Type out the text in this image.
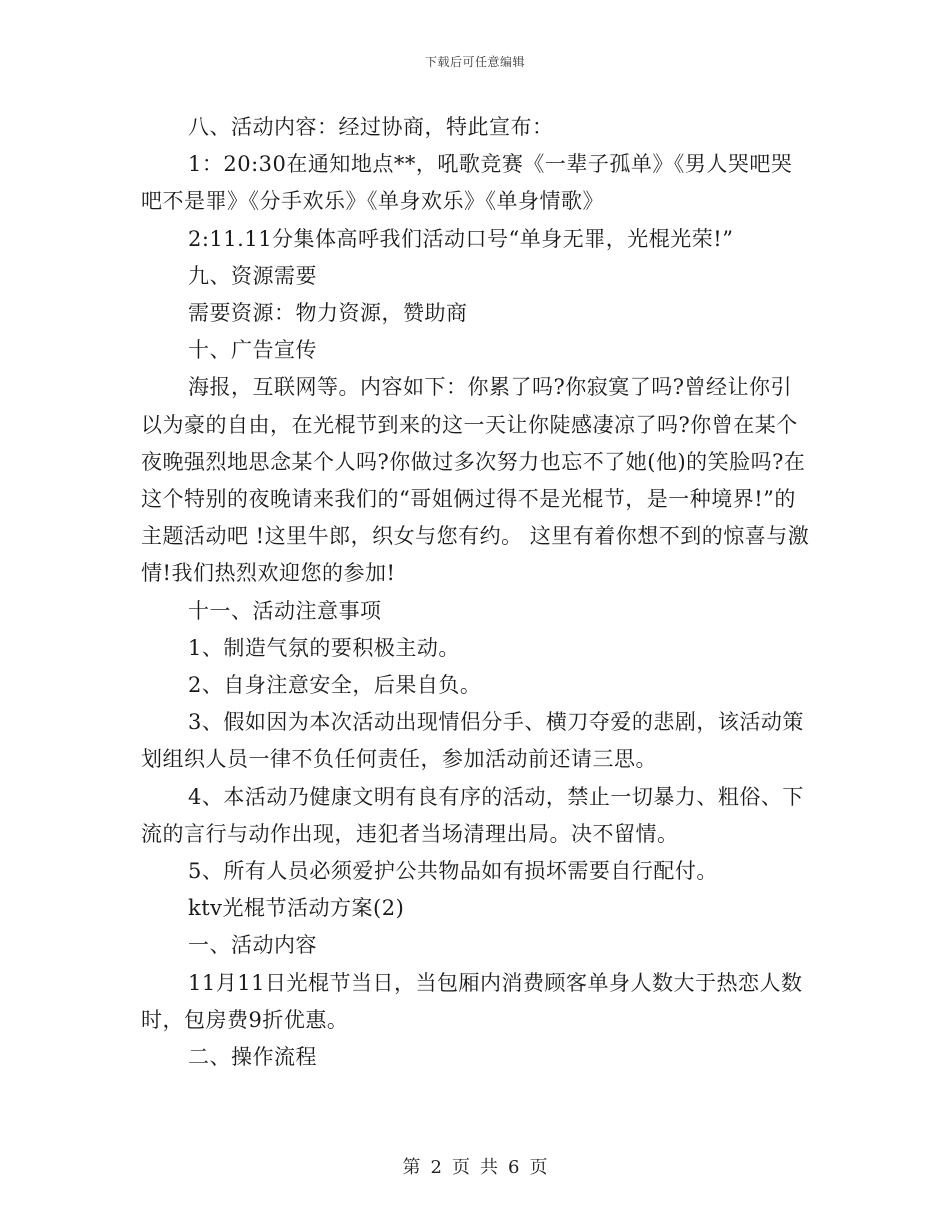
下载后可任意编辑

八、活动内容：经过协商，特此宣布：

1：20:30在通知地点**，吼歌竞赛《一辈子孤单》《男人哭吧哭吧不是罪》《分手欢乐》《单身欢乐》《单身情歌》

2:11.11分集体高呼我们活动口号“单身无罪，光棍光荣!”

九、资源需要

需要资源：物力资源，赞助商

十、广告宣传

海报，互联网等。内容如下：你累了吗?你寂寞了吗?曾经让你引以为豪的自由，在光棍节到来的这一天让你陡感凄凉了吗?你曾在某个夜晚强烈地思念某个人吗?你做过多次努力也忘不了她(他)的笑脸吗?在这个特别的夜晚请来我们的“哥姐俩过得不是光棍节，是一种境界!”的主题活动吧 !这里牛郎，织女与您有约。 这里有着你想不到的惊喜与激情!我们热烈欢迎您的参加!

十一、活动注意事项

1、制造气氛的要积极主动。

2、自身注意安全，后果自负。

3、假如因为本次活动出现情侣分手、横刀夺爱的悲剧，该活动策划组织人员一律不负任何责任，参加活动前还请三思。

4、本活动乃健康文明有良有序的活动，禁止一切暴力、粗俗、下流的言行与动作出现，违犯者当场清理出局。决不留情。

5、所有人员必须爱护公共物品如有损坏需要自行配付。

ktv光棍节活动方案(2)

一、活动内容

11月11日光棍节当日，当包厢内消费顾客单身人数大于热恋人数时，包房费9折优惠。

二、操作流程

第 2 页 共 6 页
